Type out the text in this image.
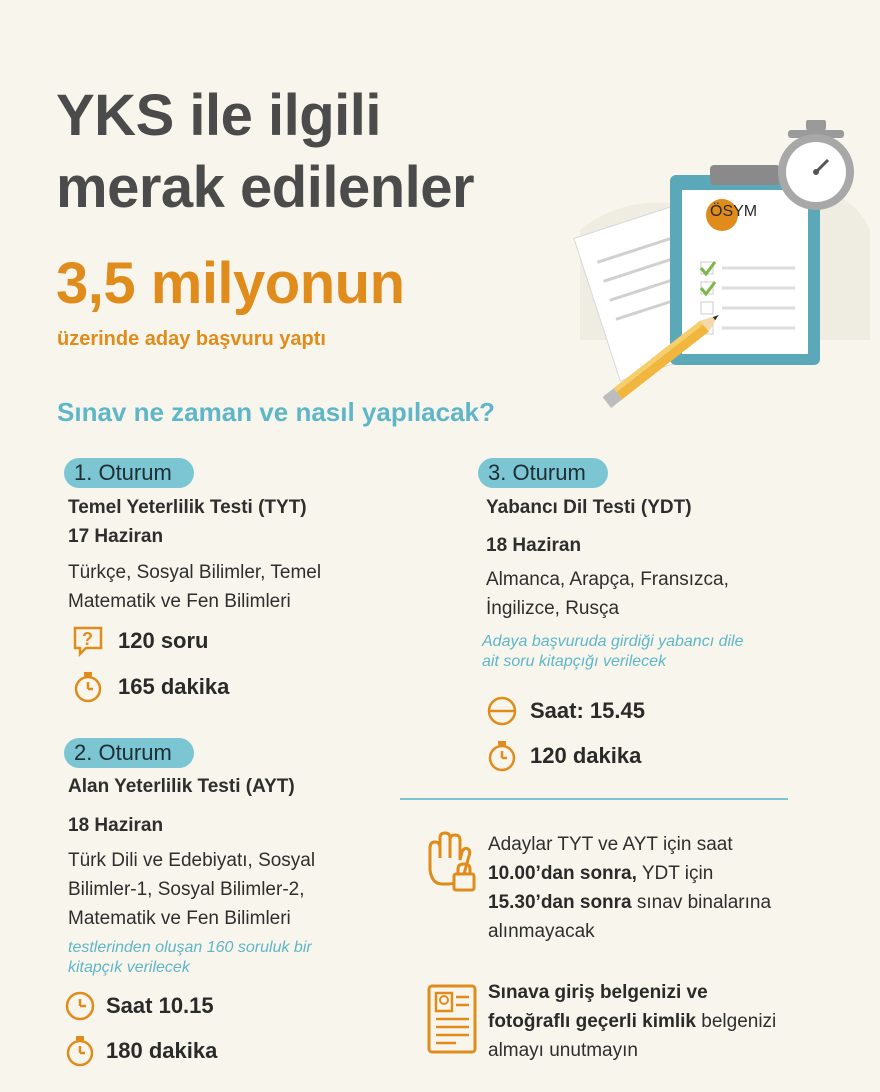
YKS ile ilgili
merak edilenler
3,5 milyonun
üzerinde aday başvuru yaptı
Sınav ne zaman ve nasıl yapılacak?
ÖSYM
1. Oturum
Temel Yeterlilik Testi (TYT)
17 Haziran
Türkçe, Sosyal Bilimler, Temel
Matematik ve Fen Bilimleri
? 120 soru
165 dakika
2. Oturum
Alan Yeterlilik Testi (AYT)
18 Haziran
Türk Dili ve Edebiyatı, Sosyal
Bilimler-1, Sosyal Bilimler-2,
Matematik ve Fen Bilimleri
testlerinden oluşan 160 soruluk bir
kitapçık verilecek
Saat 10.15
180 dakika
3. Oturum
Yabancı Dil Testi (YDT)
18 Haziran
Almanca, Arapça, Fransızca,
İngilizce, Rusça
Adaya başvuruda girdiği yabancı dile
ait soru kitapçığı verilecek
Saat: 15.45
120 dakika
Adaylar TYT ve AYT için saat
10.00’dan sonra, YDT için
15.30’dan sonra sınav binalarına
alınmayacak
Sınava giriş belgenizi ve
fotoğraflı geçerli kimlik belgenizi
almayı unutmayın
